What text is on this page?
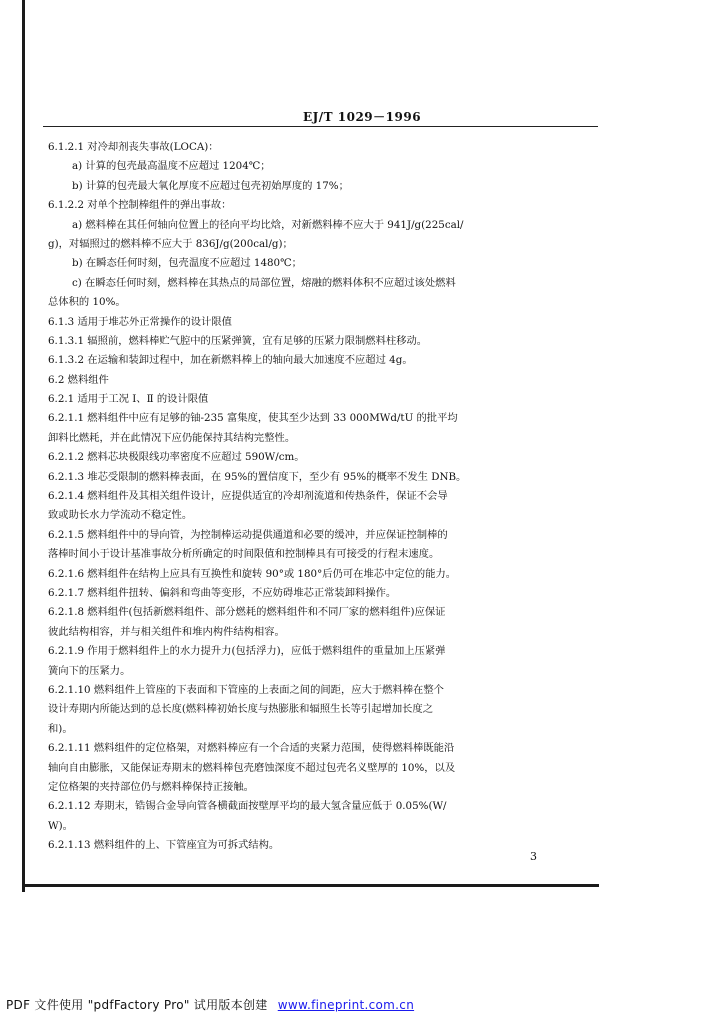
EJ/T 1029－1996
6.1.2.1 对冷却剂丧失事故(LOCA)：
a) 计算的包壳最高温度不应超过 1204℃；
b) 计算的包壳最大氧化厚度不应超过包壳初始厚度的 17%；
6.1.2.2 对单个控制棒组件的弹出事故：
a) 燃料棒在其任何轴向位置上的径向平均比焓，对新燃料棒不应大于 941J/g(225cal/
g)，对辐照过的燃料棒不应大于 836J/g(200cal/g)；
b) 在瞬态任何时刻，包壳温度不应超过 1480℃；
c) 在瞬态任何时刻，燃料棒在其热点的局部位置，熔融的燃料体积不应超过该处燃料
总体积的 10%。
6.1.3 适用于堆芯外正常操作的设计限值
6.1.3.1 辐照前，燃料棒贮气腔中的压紧弹簧，宜有足够的压紧力限制燃料柱移动。
6.1.3.2 在运输和装卸过程中，加在新燃料棒上的轴向最大加速度不应超过 4g。
6.2 燃料组件
6.2.1 适用于工况 Ⅰ、Ⅱ 的设计限值
6.2.1.1 燃料组件中应有足够的铀-235 富集度，使其至少达到 33 000MWd/tU 的批平均
卸料比燃耗，并在此情况下应仍能保持其结构完整性。
6.2.1.2 燃料芯块极限线功率密度不应超过 590W/cm。
6.2.1.3 堆芯受限制的燃料棒表面，在 95%的置信度下，至少有 95%的概率不发生 DNB。
6.2.1.4 燃料组件及其相关组件设计，应提供适宜的冷却剂流道和传热条件，保证不会导
致或助长水力学流动不稳定性。
6.2.1.5 燃料组件中的导向管，为控制棒运动提供通道和必要的缓冲，并应保证控制棒的
落棒时间小于设计基准事故分析所确定的时间限值和控制棒具有可接受的行程末速度。
6.2.1.6 燃料组件在结构上应具有互换性和旋转 90°或 180°后仍可在堆芯中定位的能力。
6.2.1.7 燃料组件扭转、偏斜和弯曲等变形，不应妨碍堆芯正常装卸料操作。
6.2.1.8 燃料组件(包括新燃料组件、部分燃耗的燃料组件和不同厂家的燃料组件)应保证
彼此结构相容，并与相关组件和堆内构件结构相容。
6.2.1.9 作用于燃料组件上的水力提升力(包括浮力)，应低于燃料组件的重量加上压紧弹
簧向下的压紧力。
6.2.1.10 燃料组件上管座的下表面和下管座的上表面之间的间距，应大于燃料棒在整个
设计寿期内所能达到的总长度(燃料棒初始长度与热膨胀和辐照生长等引起增加长度之
和)。
6.2.1.11 燃料组件的定位格架，对燃料棒应有一个合适的夹紧力范围，使得燃料棒既能沿
轴向自由膨胀，又能保证寿期末的燃料棒包壳磨蚀深度不超过包壳名义壁厚的 10%，以及
定位格架的夹持部位仍与燃料棒保持正接触。
6.2.1.12 寿期末，锆锡合金导向管各横截面按壁厚平均的最大氢含量应低于 0.05%(W/
W)。
6.2.1.13 燃料组件的上、下管座宜为可拆式结构。
3
PDF 文件使用 "pdfFactory Pro" 试用版本创建 www.fineprint.com.cn
